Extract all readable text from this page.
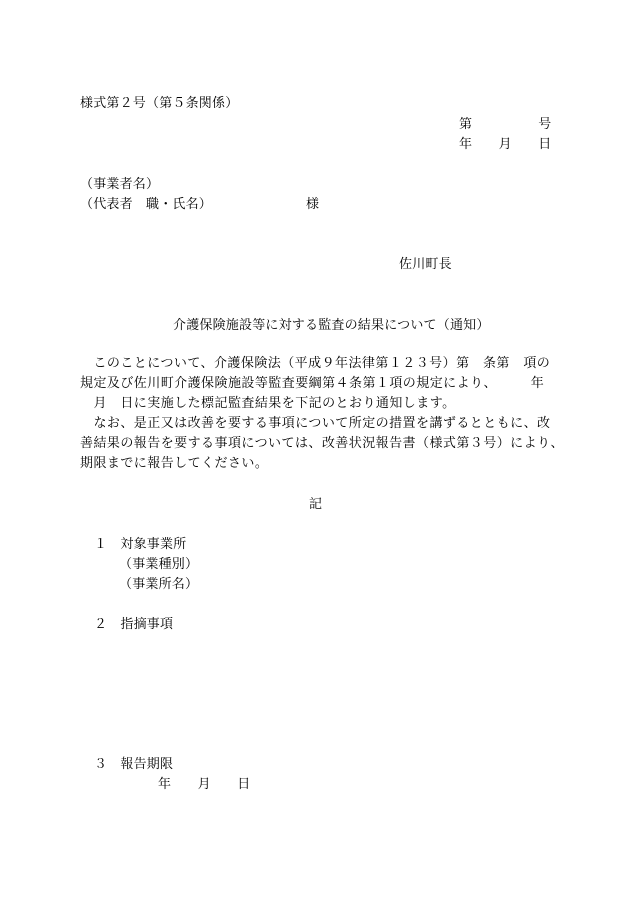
様式第２号（第５条関係）
第　　　　　号
年　　月　　日
（事業者名）
（代表者　職・氏名）	様
佐川町長
介護保険施設等に対する監査の結果について（通知）
　このことについて、介護保険法（平成９年法律第１２３号）第　条第　項の
規定及び佐川町介護保険施設等監査要綱第４条第１項の規定により、　　　年
　月　日に実施した標記監査結果を下記のとおり通知します。
　なお、是正又は改善を要する事項について所定の措置を講ずるとともに、改
善結果の報告を要する事項については、改善状況報告書（様式第３号）により、
期限までに報告してください。
記
１　対象事業所
（事業種別）
（事業所名）
２　指摘事項
３　報告期限
年　　月　　日
